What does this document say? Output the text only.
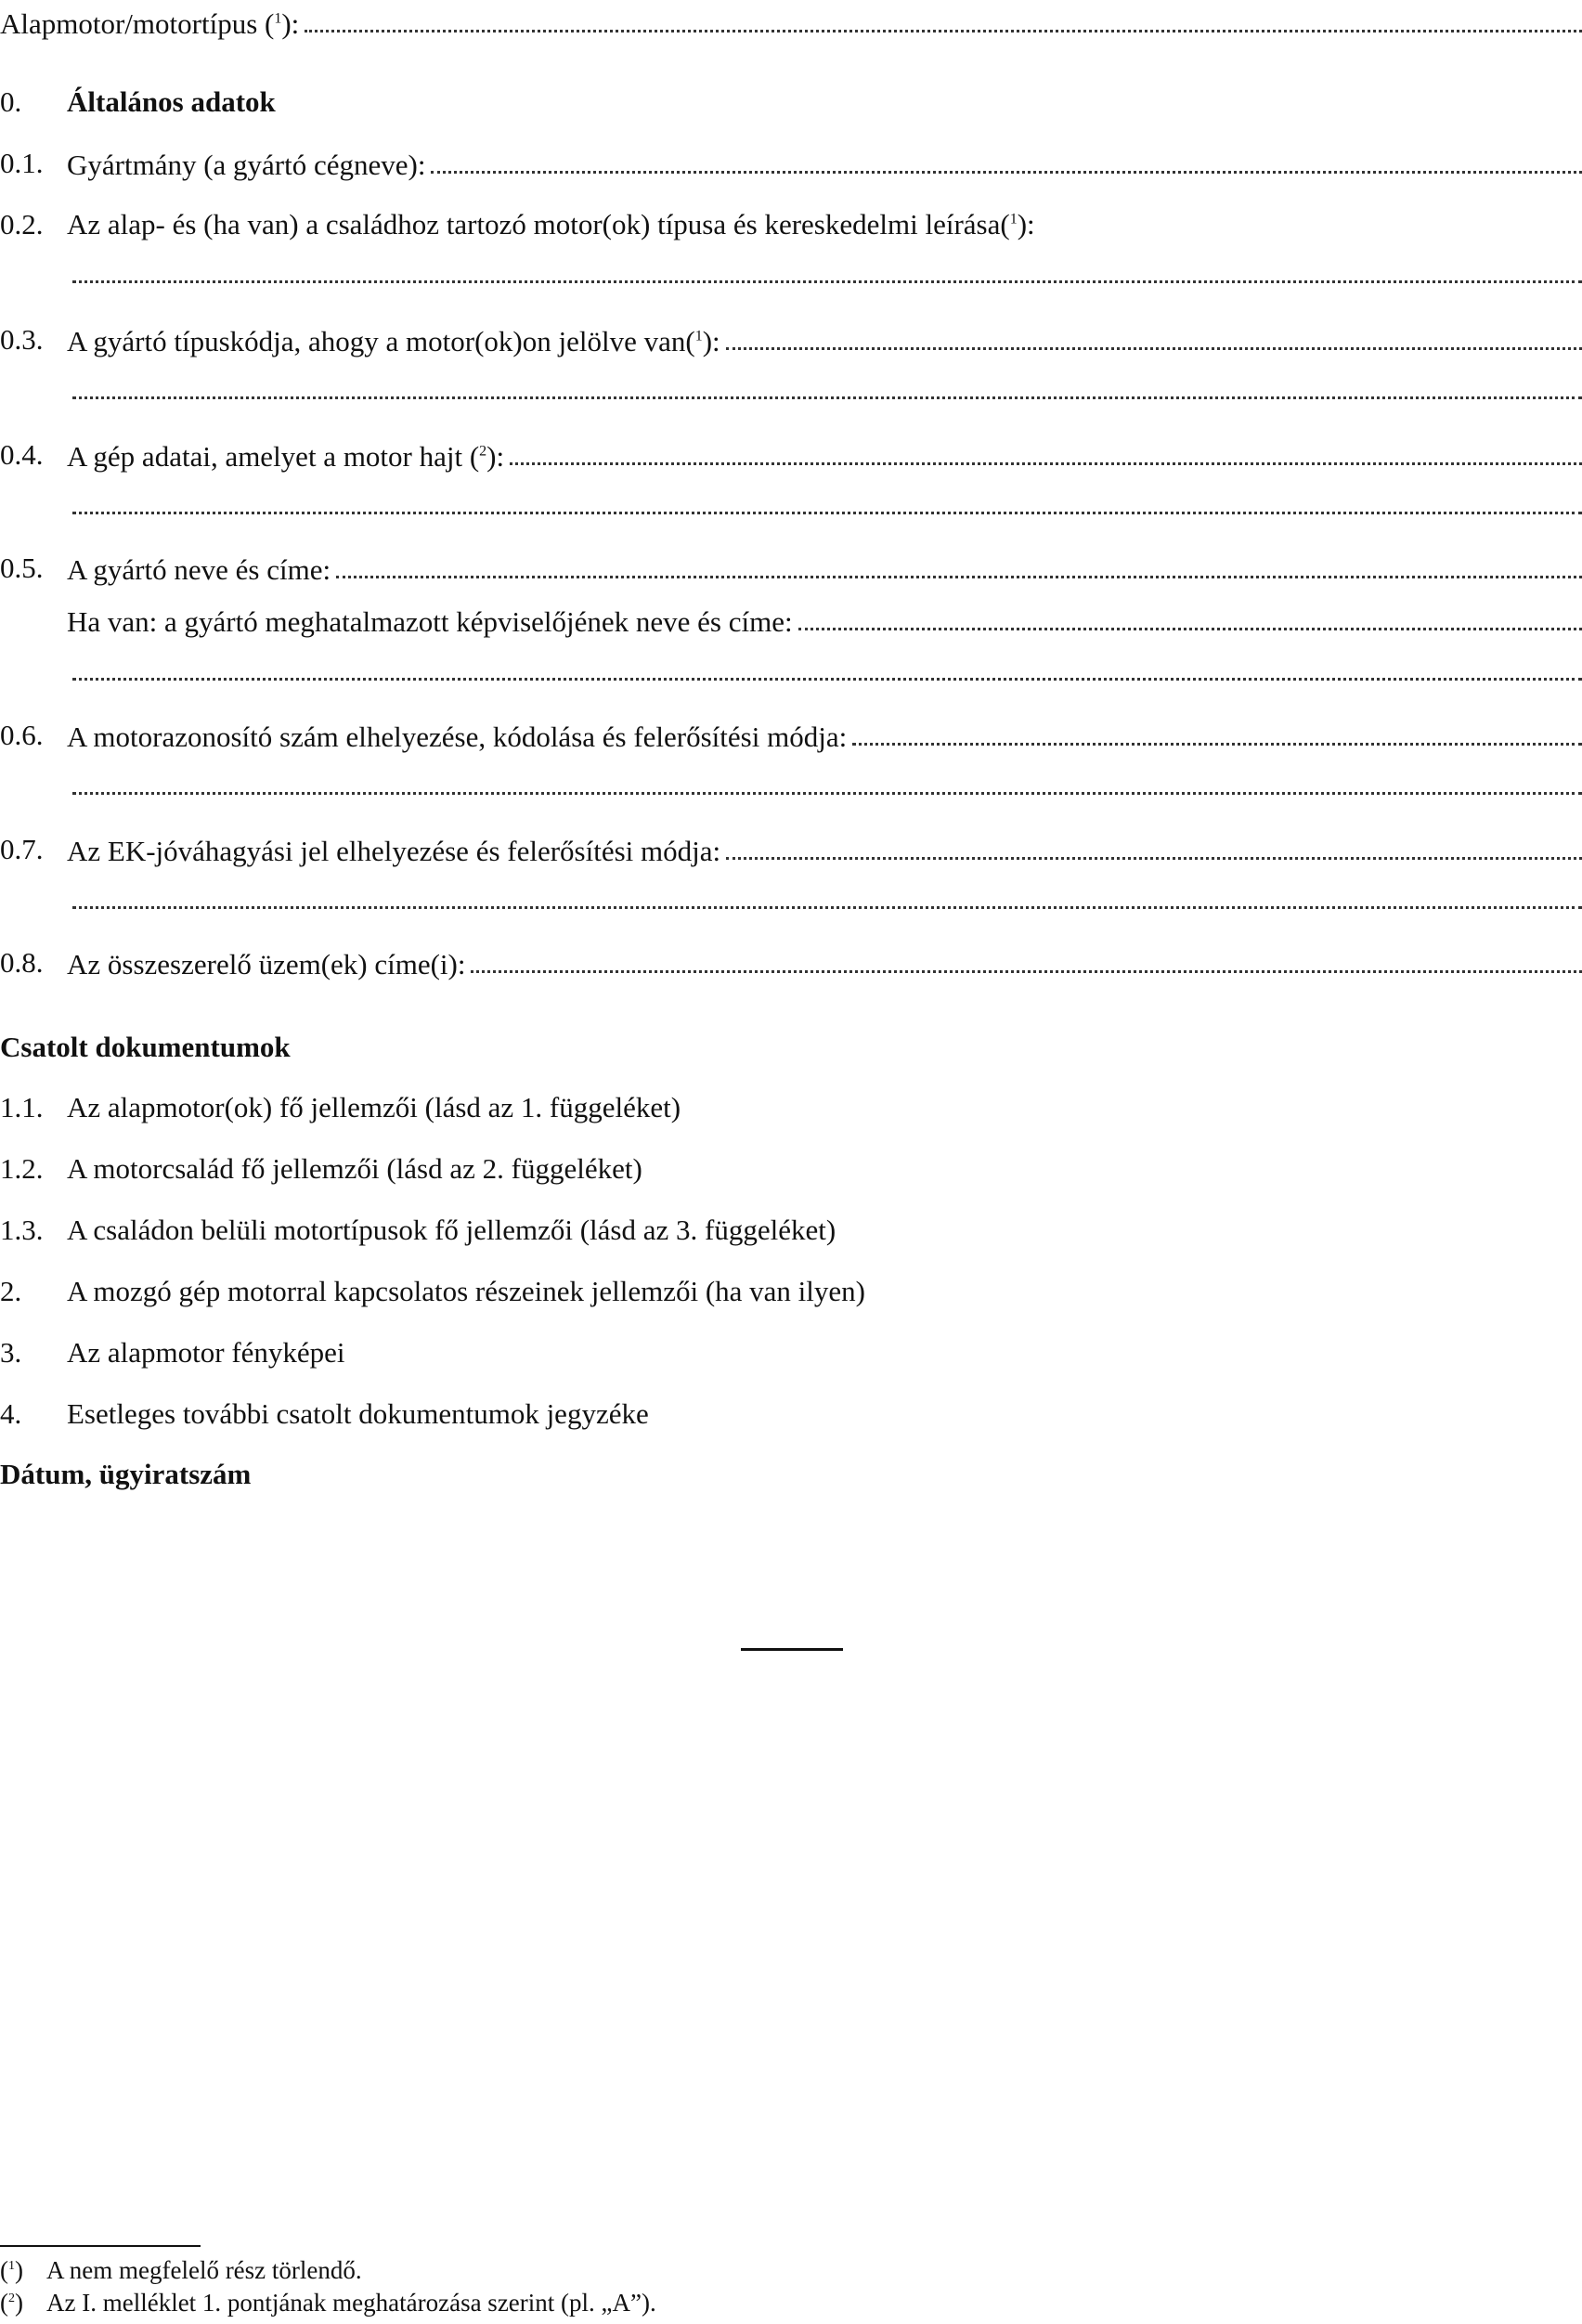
Alapmotor/motortípus ($^1$):
0. Általános adatok
0.1. Gyártmány (a gyártó cégneve):
0.2. Az alap- és (ha van) a családhoz tartozó motor(ok) típusa és kereskedelmi leírása($^1$):
0.3. A gyártó típuskódja, ahogy a motor(ok)on jelölve van($^1$):
0.4. A gép adatai, amelyet a motor hajt ($^2$):
0.5. A gyártó neve és címe:
Ha van: a gyártó meghatalmazott képviselőjének neve és címe:
0.6. A motorazonosító szám elhelyezése, kódolása és felerősítési módja:
0.7. Az EK-jóváhagyási jel elhelyezése és felerősítési módja:
0.8. Az összeszerelő üzem(ek) címe(i):
Csatolt dokumentumok
1.1. Az alapmotor(ok) fő jellemzői (lásd az 1. függeléket)
1.2. A motorcsalád fő jellemzői (lásd az 2. függeléket)
1.3. A családon belüli motortípusok fő jellemzői (lásd az 3. függeléket)
2. A mozgó gép motorral kapcsolatos részeinek jellemzői (ha van ilyen)
3. Az alapmotor fényképei
4. Esetleges további csatolt dokumentumok jegyzéke
Dátum, ügyiratszám
($^1$) A nem megfelelő rész törlendő.
($^2$) Az I. melléklet 1. pontjának meghatározása szerint (pl. „A”).
